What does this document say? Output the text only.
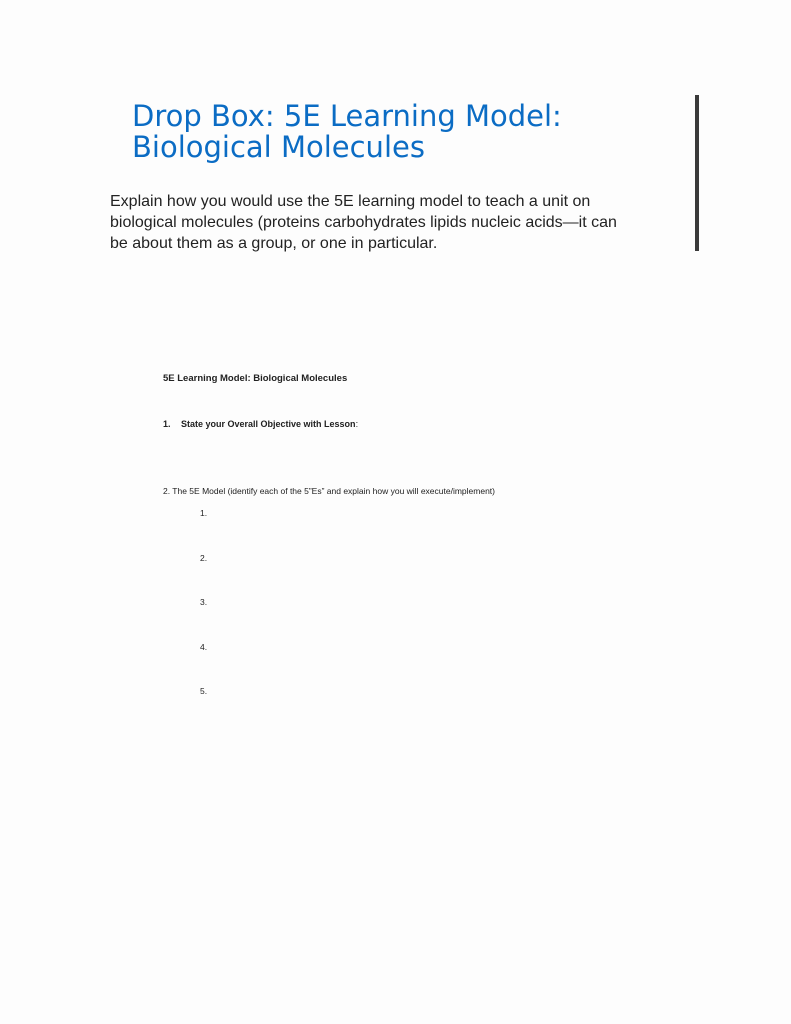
Drop Box: 5E Learning Model:
Biological Molecules

Explain how you would use the 5E learning model to teach a unit on
biological molecules (proteins carbohydrates lipids nucleic acids—it can
be about them as a group, or one in particular.

5E Learning Model: Biological Molecules

1. State your Overall Objective with Lesson:

2. The 5E Model (identify each of the 5”Es” and explain how you will execute/implement)

1.
2.
3.
4.
5.
